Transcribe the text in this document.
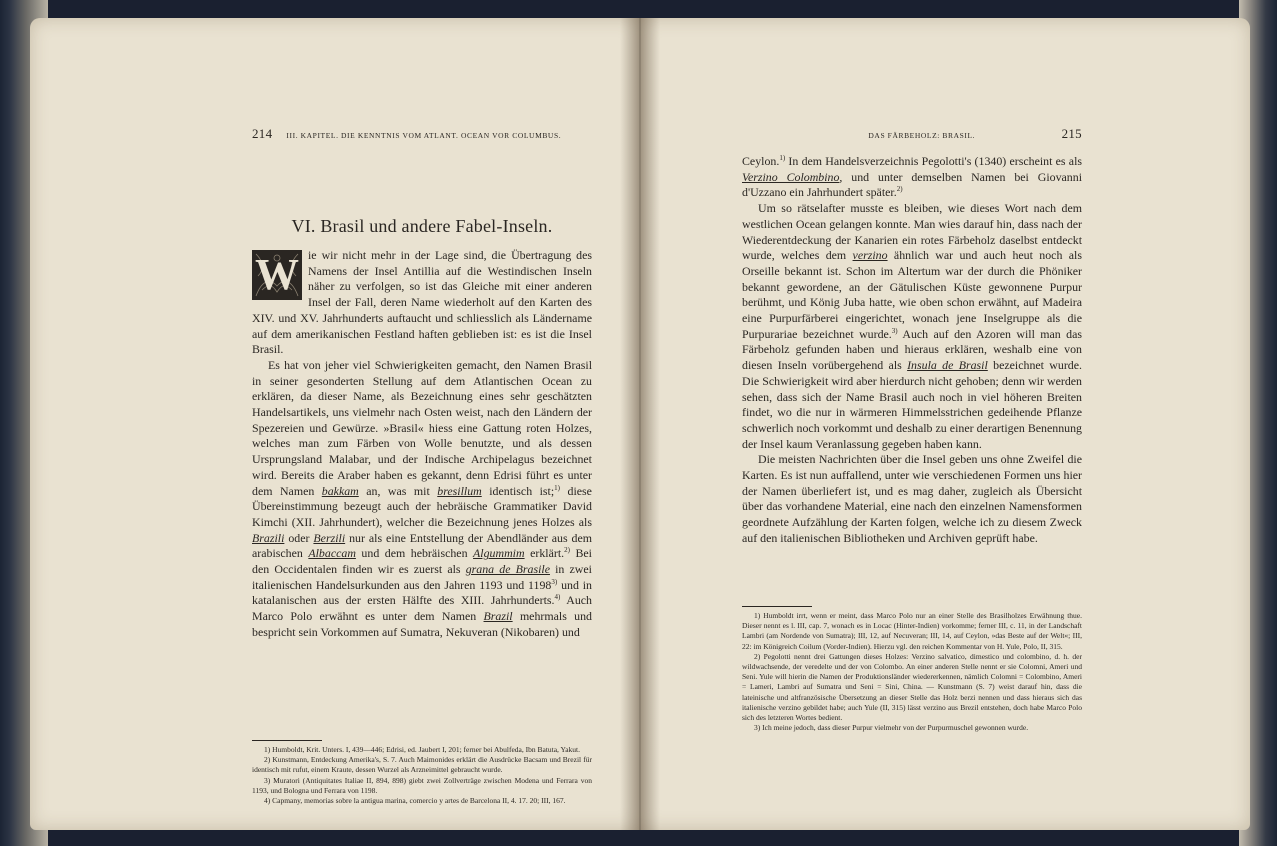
214 III. KAPITEL. DIE KENNTNIS VOM ATLANT. OCEAN VOR COLUMBUS.
VI. Brasil und andere Fabel-Inseln.

W ie wir nicht mehr in der Lage sind, die Übertragung des Namens der Insel Antillia auf die Westindischen Inseln näher zu verfolgen, so ist das Gleiche mit einer anderen Insel der Fall, deren Name wiederholt auf den Karten des XIV. und XV. Jahrhunderts auftaucht und schliesslich als Ländername auf dem amerikanischen Festland haften geblieben ist: es ist die Insel Brasil.

Es hat von jeher viel Schwierigkeiten gemacht, den Namen Brasil in seiner gesonderten Stellung auf dem Atlantischen Ocean zu erklären, da dieser Name, als Bezeichnung eines sehr geschätzten Handelsartikels, uns vielmehr nach Osten weist, nach den Ländern der Spezereien und Gewürze. »Brasil« hiess eine Gattung roten Holzes, welches man zum Färben von Wolle benutzte, und als dessen Ursprungsland Malabar, und der Indische Archipelagus bezeichnet wird. Bereits die Araber haben es gekannt, denn Edrisi führt es unter dem Namen bakkam an, was mit bresillum identisch ist;$^{1)}$ diese Übereinstimmung bezeugt auch der hebräische Grammatiker David Kimchi (XII. Jahrhundert), welcher die Bezeichnung jenes Holzes als Brazili oder Berzili nur als eine Entstellung der Abendländer aus dem arabischen Albaccam und dem hebräischen Algummim erklärt.$^{2)}$ Bei den Occidentalen finden wir es zuerst als grana de Brasile in zwei italienischen Handelsurkunden aus den Jahren 1193 und 1198$^{3)}$ und in katalanischen aus der ersten Hälfte des XIII. Jahrhunderts.$^{4)}$ Auch Marco Polo erwähnt es unter dem Namen Brazil mehrmals und bespricht sein Vorkommen auf Sumatra, Nekuveran (Nikobaren) und

1) Humboldt, Krit. Unters. I, 439—446; Edrisi, ed. Jaubert I, 201; ferner bei Abulfeda, Ibn Batuta, Yakut.

2) Kunstmann, Entdeckung Amerika's, S. 7. Auch Maimonides erklärt die Ausdrücke Bacsam und Brezil für identisch mit rufut, einem Kraute, dessen Wurzel als Arzneimittel gebraucht wurde.

3) Muratori (Antiquitates Italiae II, 894, 898) giebt zwei Zollverträge zwischen Modena und Ferrara von 1193, und Bologna und Ferrara von 1198.

4) Capmany, memorias sobre la antigua marina, comercio y artes de Barcelona II, 4. 17. 20; III, 167.

DAS FÄRBEHOLZ: BRASIL.	215

Ceylon.$^{1)}$ In dem Handelsverzeichnis Pegolotti's (1340) erscheint es als Verzino Colombino, und unter demselben Namen bei Giovanni d'Uzzano ein Jahrhundert später.$^{2)}$

Um so rätselafter musste es bleiben, wie dieses Wort nach dem westlichen Ocean gelangen konnte. Man wies darauf hin, dass nach der Wiederentdeckung der Kanarien ein rotes Färbeholz daselbst entdeckt wurde, welches dem verzino ähnlich war und auch heut noch als Orseille bekannt ist. Schon im Altertum war der durch die Phöniker bekannt gewordene, an der Gätulischen Küste gewonnene Purpur berühmt, und König Juba hatte, wie oben schon erwähnt, auf Madeira eine Purpurfärberei eingerichtet, wonach jene Inselgruppe als die Purpurariae bezeichnet wurde.$^{3)}$ Auch auf den Azoren will man das Färbeholz gefunden haben und hieraus erklären, weshalb eine von diesen Inseln vorübergehend als Insula de Brasil bezeichnet wurde. Die Schwierigkeit wird aber hierdurch nicht gehoben; denn wir werden sehen, dass sich der Name Brasil auch noch in viel höheren Breiten findet, wo die nur in wärmeren Himmelsstrichen gedeihende Pflanze schwerlich noch vorkommt und deshalb zu einer derartigen Benennung der Insel kaum Veranlassung gegeben haben kann.

Die meisten Nachrichten über die Insel geben uns ohne Zweifel die Karten. Es ist nun auffallend, unter wie verschiedenen Formen uns hier der Namen überliefert ist, und es mag daher, zugleich als Übersicht über das vorhandene Material, eine nach den einzelnen Namensformen geordnete Aufzählung der Karten folgen, welche ich zu diesem Zweck auf den italienischen Bibliotheken und Archiven geprüft habe.

1) Humboldt irrt, wenn er meint, dass Marco Polo nur an einer Stelle des Brasilholzes Erwähnung thue. Dieser nennt es l. III, cap. 7, wonach es in Locac (Hinter-Indien) vorkomme; ferner III, c. 11, in der Landschaft Lambri (am Nordende von Sumatra); III, 12, auf Necuveran; III, 14, auf Ceylon, »das Beste auf der Welt«; III, 22: im Königreich Coilum (Vorder-Indien). Hierzu vgl. den reichen Kommentar von H. Yule, Polo, II, 315.

2) Pegolotti nennt drei Gattungen dieses Holzes: Verzino salvatico, dimestico und colombino, d. h. der wildwachsende, der veredelte und der von Colombo. An einer anderen Stelle nennt er sie Colomni, Ameri und Seni. Yule will hierin die Namen der Produktionsländer wiedererkennen, nämlich Colomni = Colombino, Ameri = Lameri, Lambri auf Sumatra und Seni = Sini, China. — Kunstmann (S. 7) weist darauf hin, dass die lateinische und altfranzösische Übersetzung an dieser Stelle das Holz berzi nennen und dass hieraus sich das italienische verzino gebildet habe; auch Yule (II, 315) lässt verzino aus Brezil entstehen, doch habe Marco Polo sich des letzteren Wortes bedient.

3) Ich meine jedoch, dass dieser Purpur vielmehr von der Purpurmuschel gewonnen wurde.
